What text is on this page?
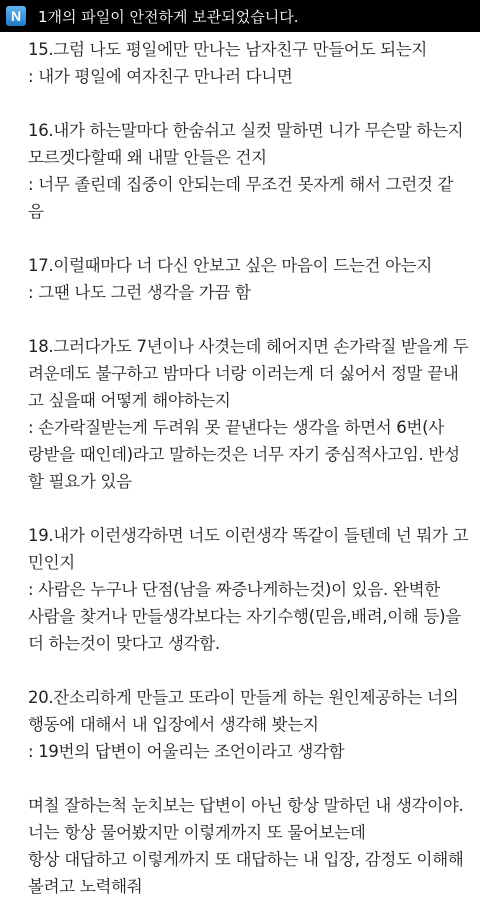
N	1개의 파일이 안전하게 보관되었습니다.
15.그럼 나도 평일에만 만나는 남자친구 만들어도 되는지
: 내가 평일에 여자친구 만나러 다니면
16.내가 하는말마다 한숨쉬고 실컷 말하면 니가 무슨말 하는지
모르겟다할때 왜 내말 안들은 건지
: 너무 졸린데 집중이 안되는데 무조건 못자게 해서 그런것 같
음
17.이럴때마다 너 다신 안보고 싶은 마음이 드는건 아는지
: 그땐 나도 그런 생각을 가끔 함
18.그러다가도 7년이나 사겻는데 헤어지면 손가락질 받을게 두
려운데도 불구하고 밤마다 너랑 이러는게 더 싫어서 정말 끝내
고 싶을때 어떻게 해야하는지
: 손가락질받는게 두려워 못 끝낸다는 생각을 하면서 6번(사
랑받을 때인데)라고 말하는것은 너무 자기 중심적사고임. 반성
할 필요가 있음
19.내가 이런생각하면 너도 이런생각 똑같이 들텐데 넌 뭐가 고
민인지
: 사람은 누구나 단점(남을 짜증나게하는것)이 있음. 완벽한
사람을 찾거나 만들생각보다는 자기수행(믿음,배려,이해 등)을
더 하는것이 맞다고 생각함.
20.잔소리하게 만들고 또라이 만들게 하는 원인제공하는 너의
행동에 대해서 내 입장에서 생각해 봣는지
: 19번의 답변이 어울리는 조언이라고 생각함
며칠 잘하는척 눈치보는 답변이 아닌 항상 말하던 내 생각이야.
너는 항상 물어봤지만 이렇게까지 또 물어보는데
항상 대답하고 이렇게까지 또 대답하는 내 입장, 감정도 이해해
볼려고 노력해줘
